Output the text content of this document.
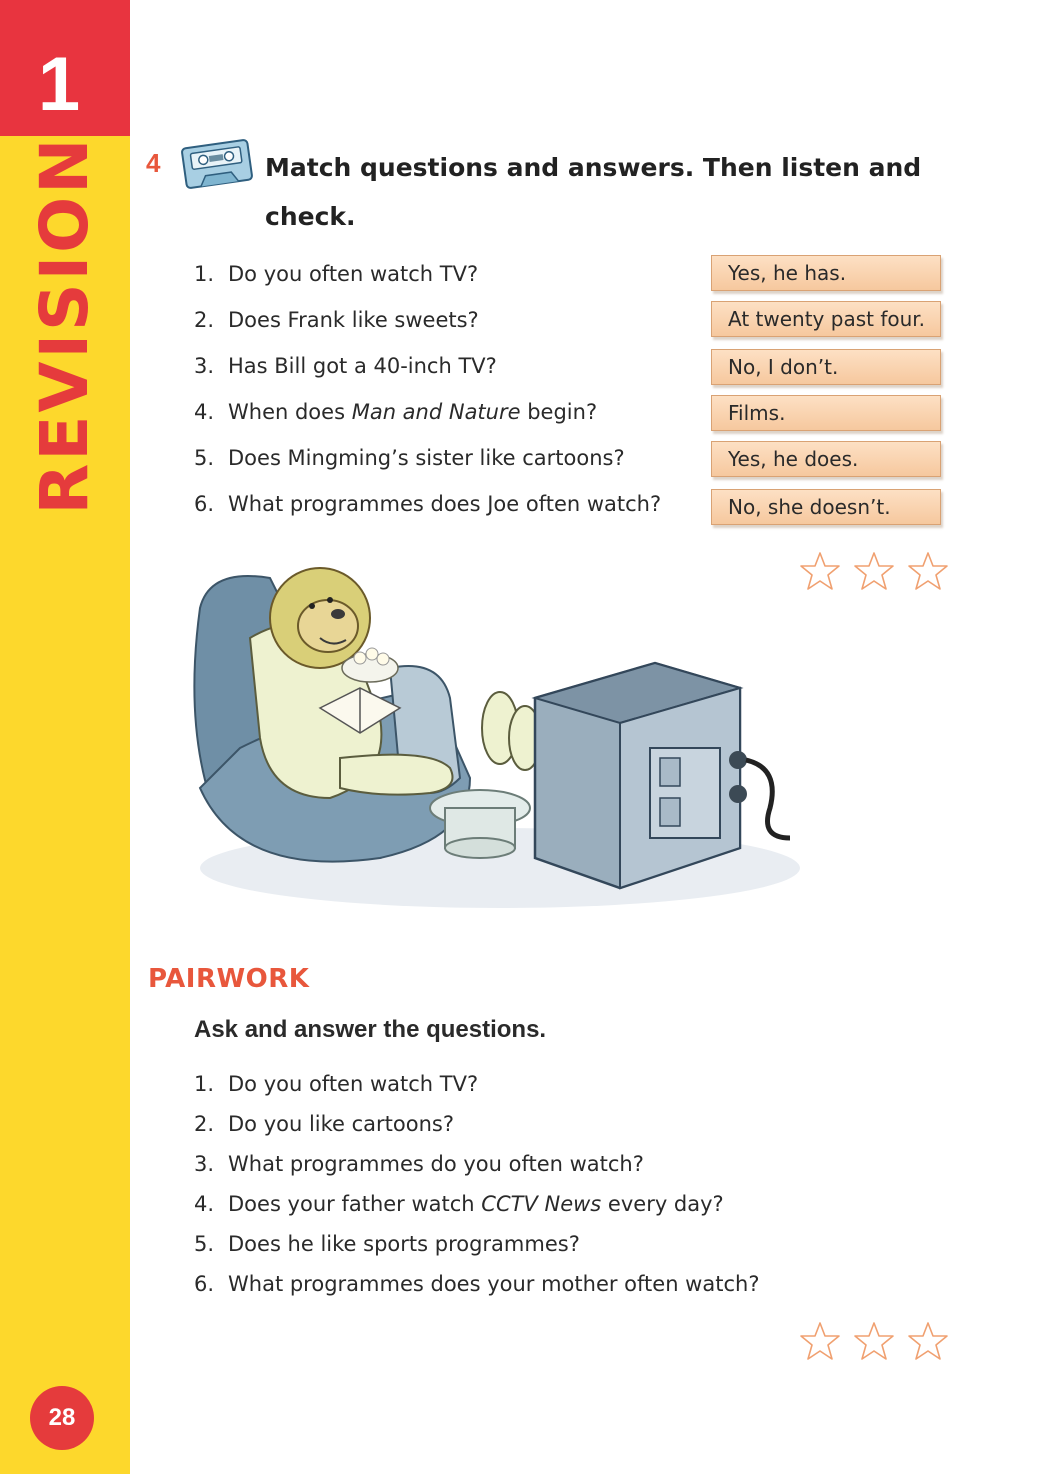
1
REVISION
28
4	Match questions and answers. Then listen and check.
1. Do you often watch TV?
2. Does Frank like sweets?
3. Has Bill got a 40-inch TV?
4. When does Man and Nature begin?
5. Does Mingming’s sister like cartoons?
6. What programmes does Joe often watch?
Yes, he has.
At twenty past four.
No, I don’t.
Films.
Yes, he does.
No, she doesn’t.
PAIRWORK
Ask and answer the questions.
1. Do you often watch TV?
2. Do you like cartoons?
3. What programmes do you often watch?
4. Does your father watch CCTV News every day?
5. Does he like sports programmes?
6. What programmes does your mother often watch?
